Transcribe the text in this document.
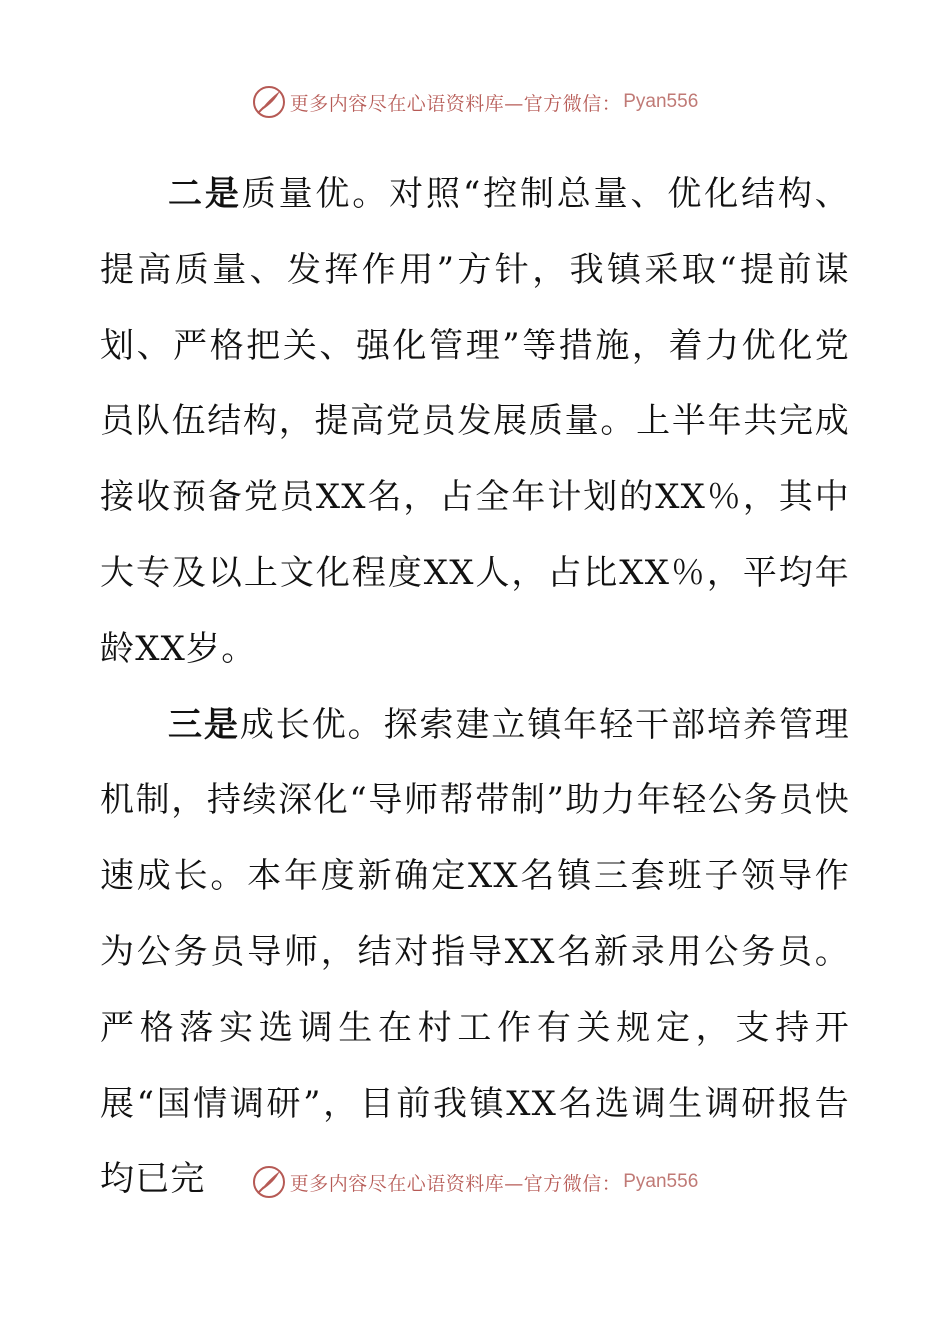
更多内容尽在心语资料库—官方微信： Pyan556

二是质量优。对照“控制总量、优化结构、提高质量、发挥作用”方针，我镇采取“提前谋划、严格把关、强化管理”等措施，着力优化党员队伍结构，提高党员发展质量。上半年共完成接收预备党员XX名，占全年计划的XX％，其中大专及以上文化程度XX人，占比XX％，平均年龄XX岁。

三是成长优。探索建立镇年轻干部培养管理机制，持续深化“导师帮带制”助力年轻公务员快速成长。本年度新确定XX名镇三套班子领导作为公务员导师，结对指导XX名新录用公务员。严格落实选调生在村工作有关规定，支持开展“国情调研”，目前我镇XX名选调生调研报告均已完	更多内容尽在心语资料库—官方微信： Pyan556
